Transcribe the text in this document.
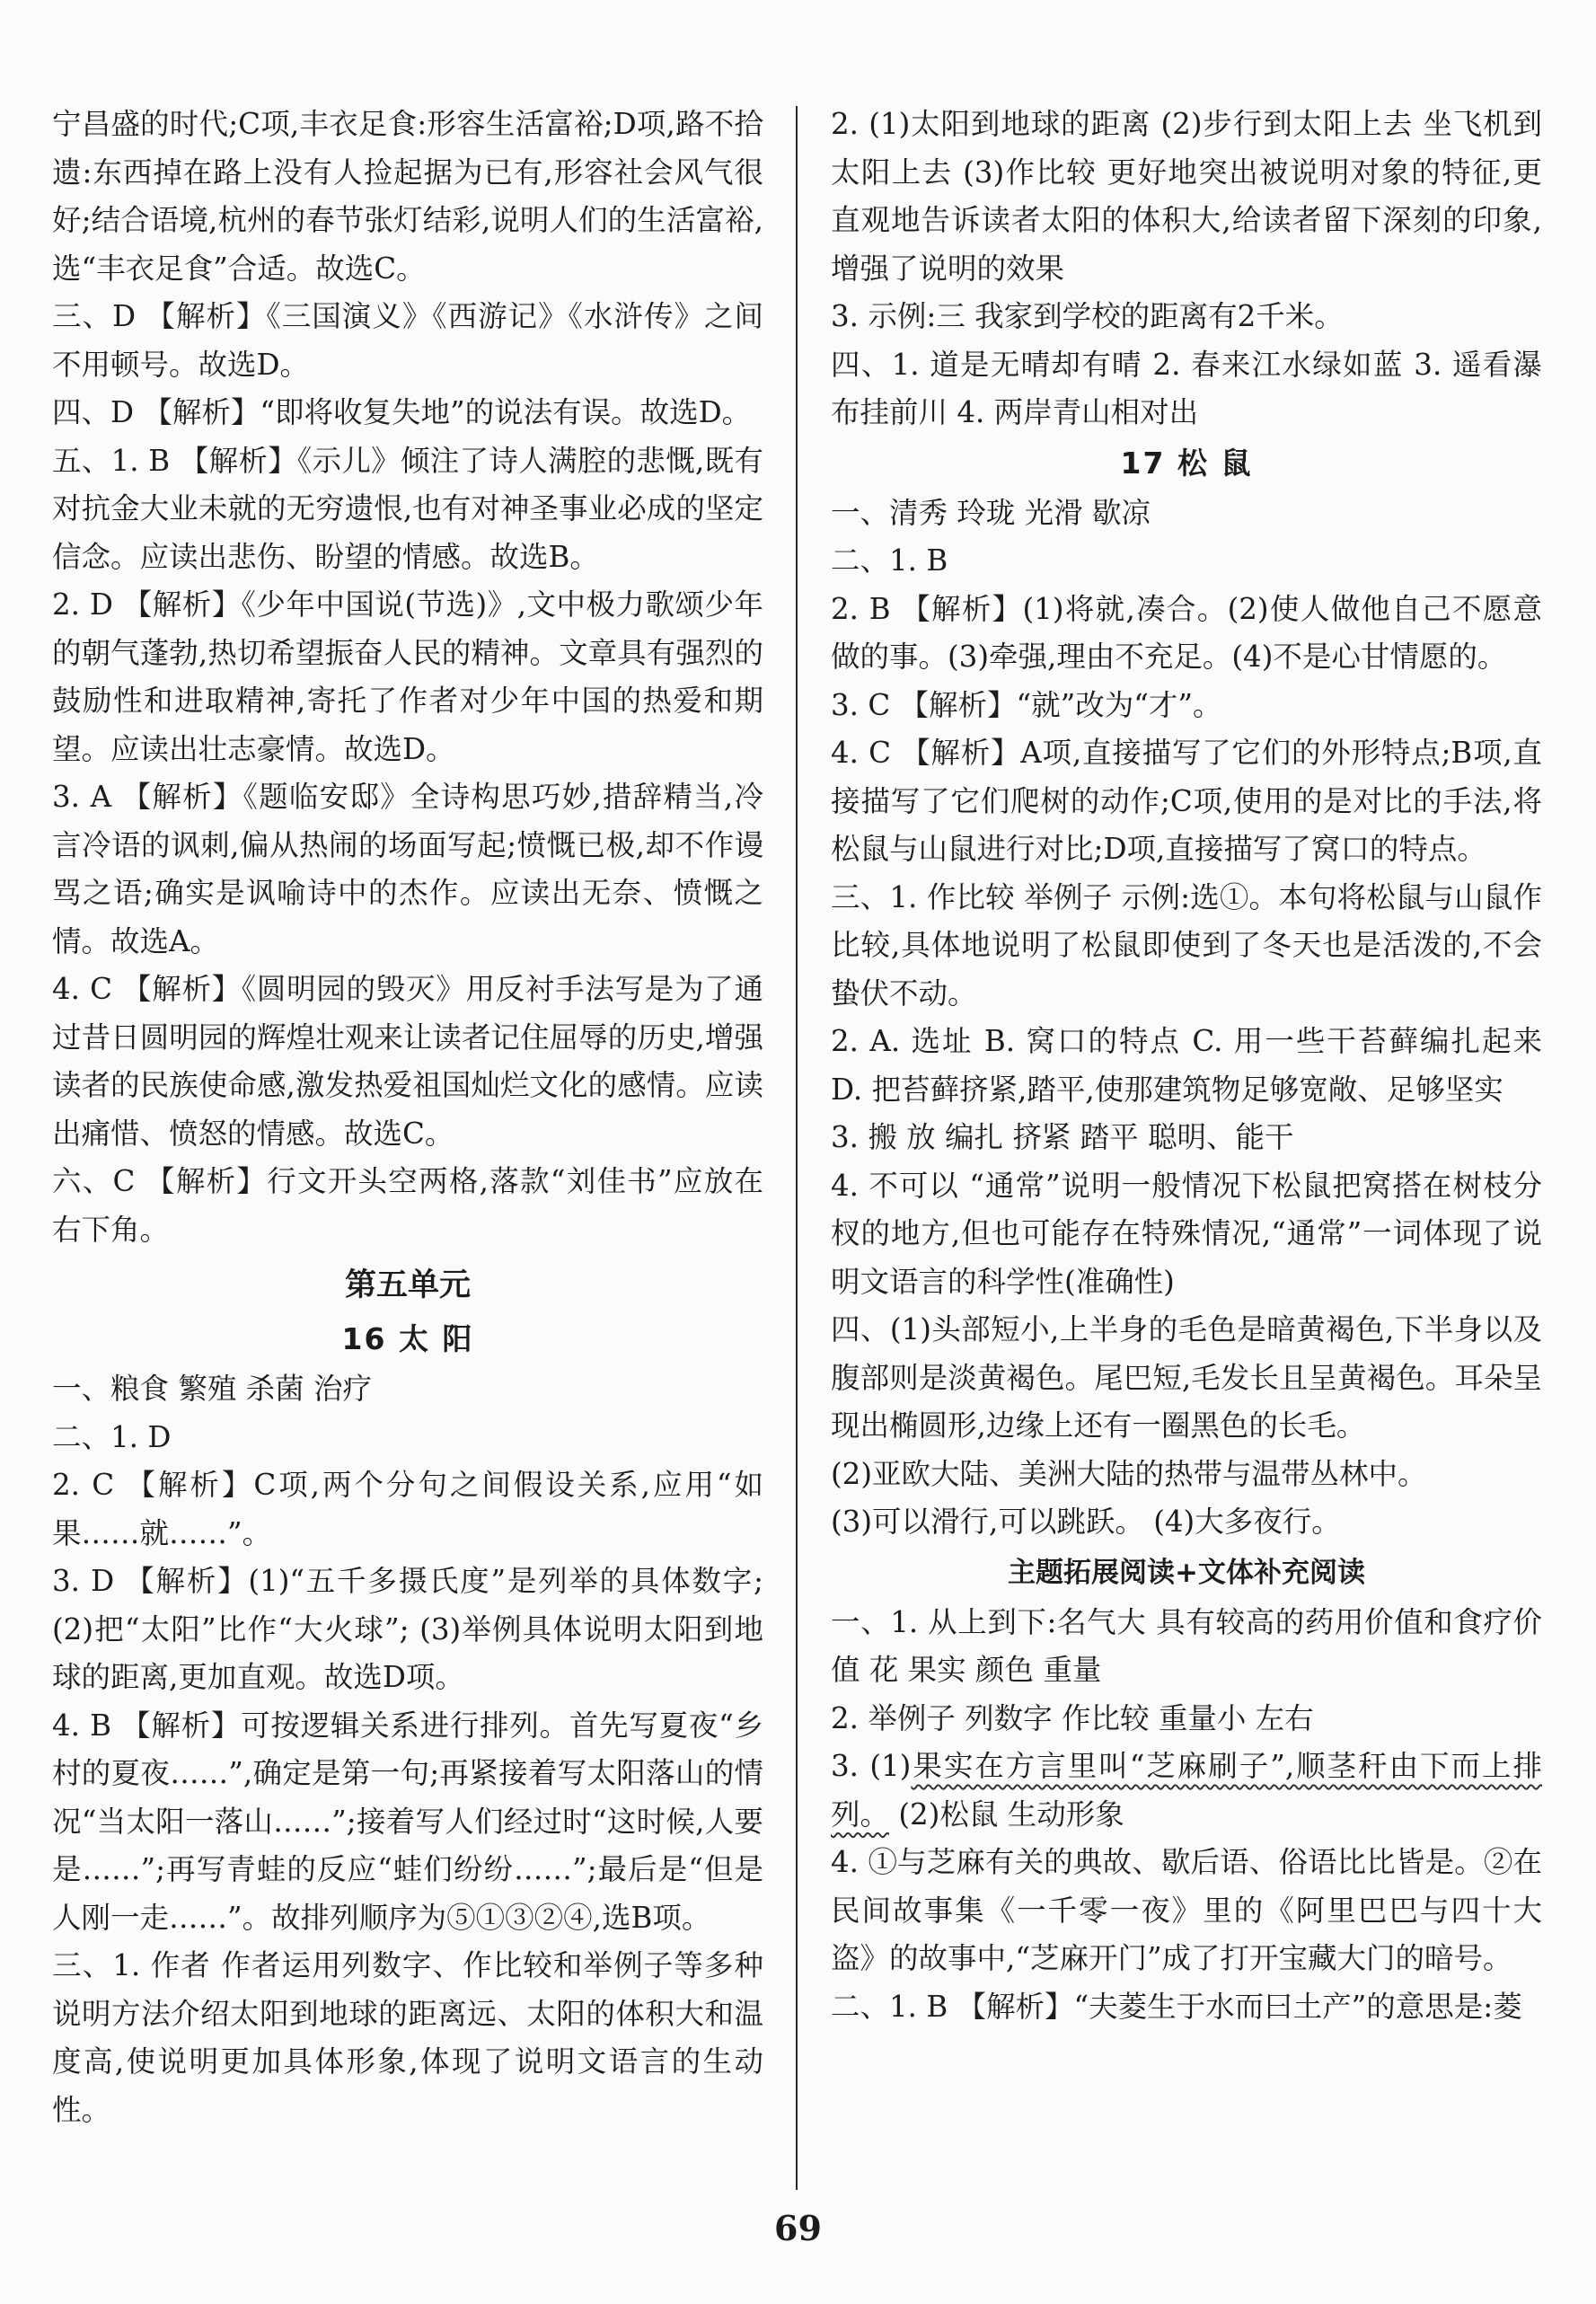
宁昌盛的时代;C项,丰衣足食:形容生活富裕;D项,路不拾遗:东西掉在路上没有人捡起据为已有,形容社会风气很好;结合语境,杭州的春节张灯结彩,说明人们的生活富裕,选“丰衣足食”合适。故选C。

三、D 【解析】《三国演义》《西游记》《水浒传》之间不用顿号。故选D。

四、D 【解析】“即将收复失地”的说法有误。故选D。

五、1. B 【解析】《示儿》倾注了诗人满腔的悲慨,既有对抗金大业未就的无穷遗恨,也有对神圣事业必成的坚定信念。应读出悲伤、盼望的情感。故选B。

2. D 【解析】《少年中国说(节选)》,文中极力歌颂少年的朝气蓬勃,热切希望振奋人民的精神。文章具有强烈的鼓励性和进取精神,寄托了作者对少年中国的热爱和期望。应读出壮志豪情。故选D。

3. A 【解析】《题临安邸》全诗构思巧妙,措辞精当,冷言冷语的讽刺,偏从热闹的场面写起;愤慨已极,却不作谩骂之语;确实是讽喻诗中的杰作。应读出无奈、愤慨之情。故选A。

4. C 【解析】《圆明园的毁灭》用反衬手法写是为了通过昔日圆明园的辉煌壮观来让读者记住屈辱的历史,增强读者的民族使命感,激发热爱祖国灿烂文化的感情。应读出痛惜、愤怒的情感。故选C。

六、C 【解析】行文开头空两格,落款“刘佳书”应放在右下角。

第五单元

16 太 阳

一、粮食 繁殖 杀菌 治疗

二、1. D

2. C 【解析】C项,两个分句之间假设关系,应用“如果……就……”。

3. D 【解析】(1)“五千多摄氏度”是列举的具体数字;(2)把“太阳”比作“大火球”; (3)举例具体说明太阳到地球的距离,更加直观。故选D项。

4. B 【解析】可按逻辑关系进行排列。首先写夏夜“乡村的夏夜……”,确定是第一句;再紧接着写太阳落山的情况“当太阳一落山……”;接着写人们经过时“这时候,人要是……”;再写青蛙的反应“蛙们纷纷……”;最后是“但是人刚一走……”。故排列顺序为⑤①③②④,选B项。

三、1. 作者 作者运用列数字、作比较和举例子等多种说明方法介绍太阳到地球的距离远、太阳的体积大和温度高,使说明更加具体形象,体现了说明文语言的生动性。

2. (1)太阳到地球的距离 (2)步行到太阳上去 坐飞机到太阳上去 (3)作比较 更好地突出被说明对象的特征,更直观地告诉读者太阳的体积大,给读者留下深刻的印象,增强了说明的效果

3. 示例:三 我家到学校的距离有2千米。

四、1. 道是无晴却有晴 2. 春来江水绿如蓝 3. 遥看瀑布挂前川 4. 两岸青山相对出

17 松 鼠

一、清秀 玲珑 光滑 歇凉

二、1. B

2. B 【解析】(1)将就,凑合。(2)使人做他自己不愿意做的事。(3)牵强,理由不充足。(4)不是心甘情愿的。

3. C 【解析】“就”改为“才”。

4. C 【解析】A项,直接描写了它们的外形特点;B项,直接描写了它们爬树的动作;C项,使用的是对比的手法,将松鼠与山鼠进行对比;D项,直接描写了窝口的特点。

三、1. 作比较 举例子 示例:选①。本句将松鼠与山鼠作比较,具体地说明了松鼠即使到了冬天也是活泼的,不会蛰伏不动。

2. A. 选址 B. 窝口的特点 C. 用一些干苔藓编扎起来 D. 把苔藓挤紧,踏平,使那建筑物足够宽敞、足够坚实

3. 搬 放 编扎 挤紧 踏平 聪明、能干

4. 不可以 “通常”说明一般情况下松鼠把窝搭在树枝分杈的地方,但也可能存在特殊情况,“通常”一词体现了说明文语言的科学性(准确性)

四、(1)头部短小,上半身的毛色是暗黄褐色,下半身以及腹部则是淡黄褐色。尾巴短,毛发长且呈黄褐色。耳朵呈现出椭圆形,边缘上还有一圈黑色的长毛。

(2)亚欧大陆、美洲大陆的热带与温带丛林中。

(3)可以滑行,可以跳跃。 (4)大多夜行。

主题拓展阅读+文体补充阅读

一、1. 从上到下:名气大 具有较高的药用价值和食疗价值 花 果实 颜色 重量

2. 举例子 列数字 作比较 重量小 左右

3. (1)果实在方言里叫“芝麻刷子”,顺茎秆由下而上排列。 (2)松鼠 生动形象

4. ①与芝麻有关的典故、歇后语、俗语比比皆是。②在民间故事集《一千零一夜》里的《阿里巴巴与四十大盗》的故事中,“芝麻开门”成了打开宝藏大门的暗号。

二、1. B 【解析】“夫菱生于水而曰土产”的意思是:菱

69
